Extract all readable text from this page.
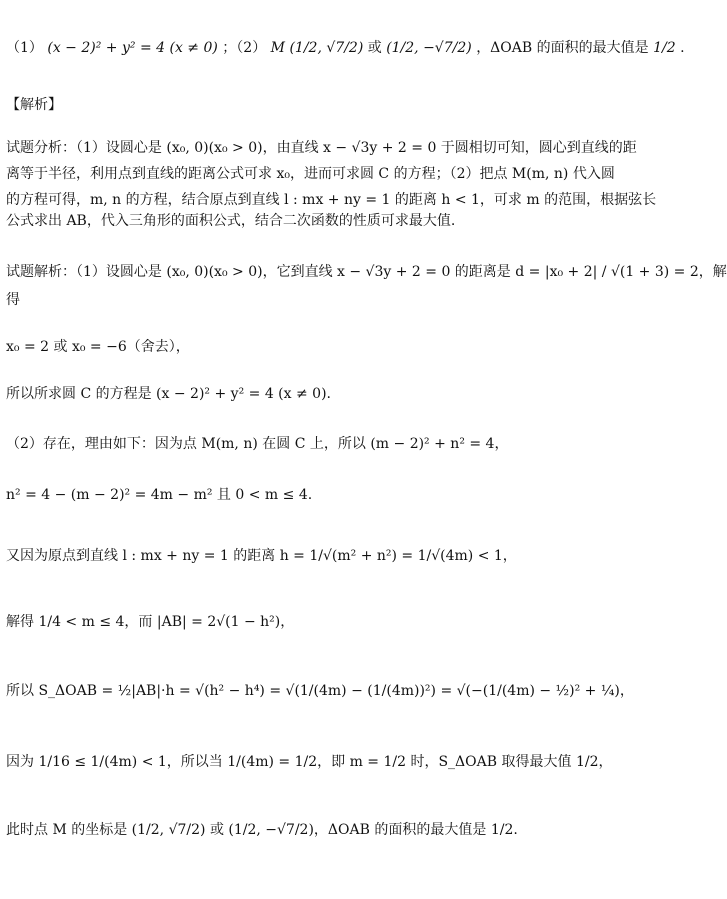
（1） (x − 2)² + y² = 4 (x ≠ 0) ；（2） M (1/2, √7/2) 或 (1/2, −√7/2) ，ΔOAB 的面积的最大值是 1/2 .
【解析】
试题分析：（1）设圆心是 (x₀, 0)(x₀ > 0)，由直线 x − √3y + 2 = 0 于圆相切可知，圆心到直线的距
离等于半径，利用点到直线的距离公式可求 x₀，进而可求圆 C 的方程；（2）把点 M(m, n) 代入圆
的方程可得，m, n 的方程，结合原点到直线 l : mx + ny = 1 的距离 h < 1，可求 m 的范围，根据弦长
公式求出 AB，代入三角形的面积公式，结合二次函数的性质可求最大值.
试题解析：（1）设圆心是 (x₀, 0)(x₀ > 0)，它到直线 x − √3y + 2 = 0 的距离是 d = |x₀ + 2| / √(1 + 3) = 2，解
得
x₀ = 2 或 x₀ = −6（舍去），
所以所求圆 C 的方程是 (x − 2)² + y² = 4 (x ≠ 0).
（2）存在，理由如下：因为点 M(m, n) 在圆 C 上，所以 (m − 2)² + n² = 4，
n² = 4 − (m − 2)² = 4m − m² 且 0 < m ≤ 4.
又因为原点到直线 l : mx + ny = 1 的距离 h = 1/√(m² + n²) = 1/√(4m) < 1，
解得 1/4 < m ≤ 4，而 |AB| = 2√(1 − h²)，
所以 S_ΔOAB = ½|AB|·h = √(h² − h⁴) = √(1/(4m) − (1/(4m))²) = √(−(1/(4m) − ½)² + ¼)，
因为 1/16 ≤ 1/(4m) < 1，所以当 1/(4m) = 1/2，即 m = 1/2 时，S_ΔOAB 取得最大值 1/2，
此时点 M 的坐标是 (1/2, √7/2) 或 (1/2, −√7/2)，ΔOAB 的面积的最大值是 1/2.
